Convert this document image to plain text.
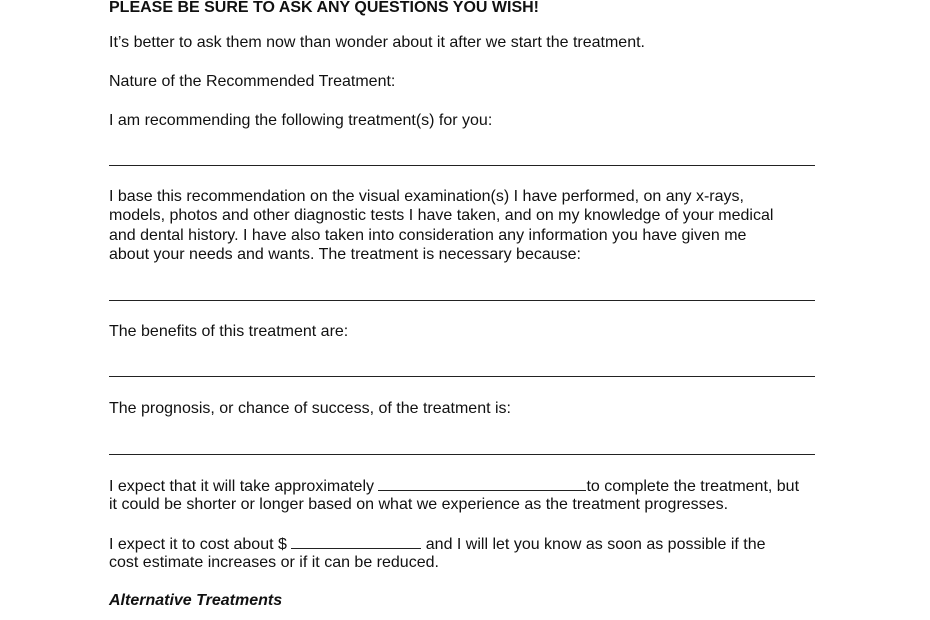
PLEASE BE SURE TO ASK ANY QUESTIONS YOU WISH!
It’s better to ask them now than wonder about it after we start the treatment.
Nature of the Recommended Treatment:
I am recommending the following treatment(s) for you:
I base this recommendation on the visual examination(s) I have performed, on any x-rays,
models, photos and other diagnostic tests I have taken, and on my knowledge of your medical
and dental history. I have also taken into consideration any information you have given me
about your needs and wants. The treatment is necessary because:
The benefits of this treatment are:
The prognosis, or chance of success, of the treatment is:
I expect that it will take approximately	to complete the treatment, but
it could be shorter or longer based on what we experience as the treatment progresses.
I expect it to cost about $	and I will let you know as soon as possible if the
cost estimate increases or if it can be reduced.
Alternative Treatments
